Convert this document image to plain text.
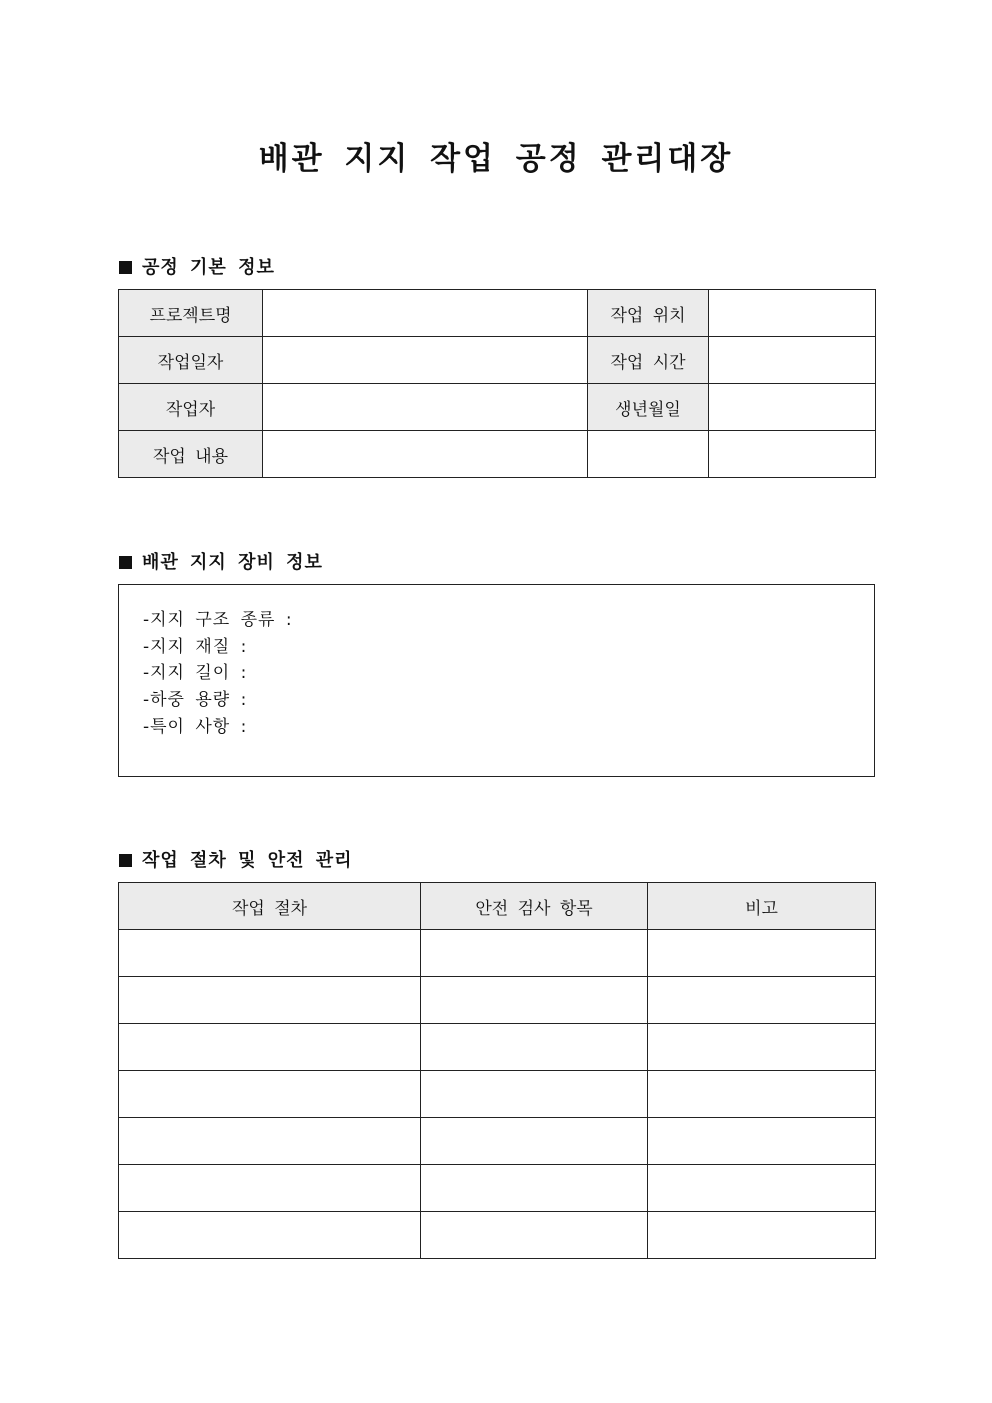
배관 지지 작업 공정 관리대장
공정 기본 정보
프로젝트명		작업 위치	
작업일자		작업 시간	
작업자		생년월일	
작업 내용			
배관 지지 장비 정보
-지지 구조 종류 :
-지지 재질 :
-지지 길이 :
-하중 용량 :
-특이 사항 :
작업 절차 및 안전 관리
작업 절차	안전 검사 항목	비고
